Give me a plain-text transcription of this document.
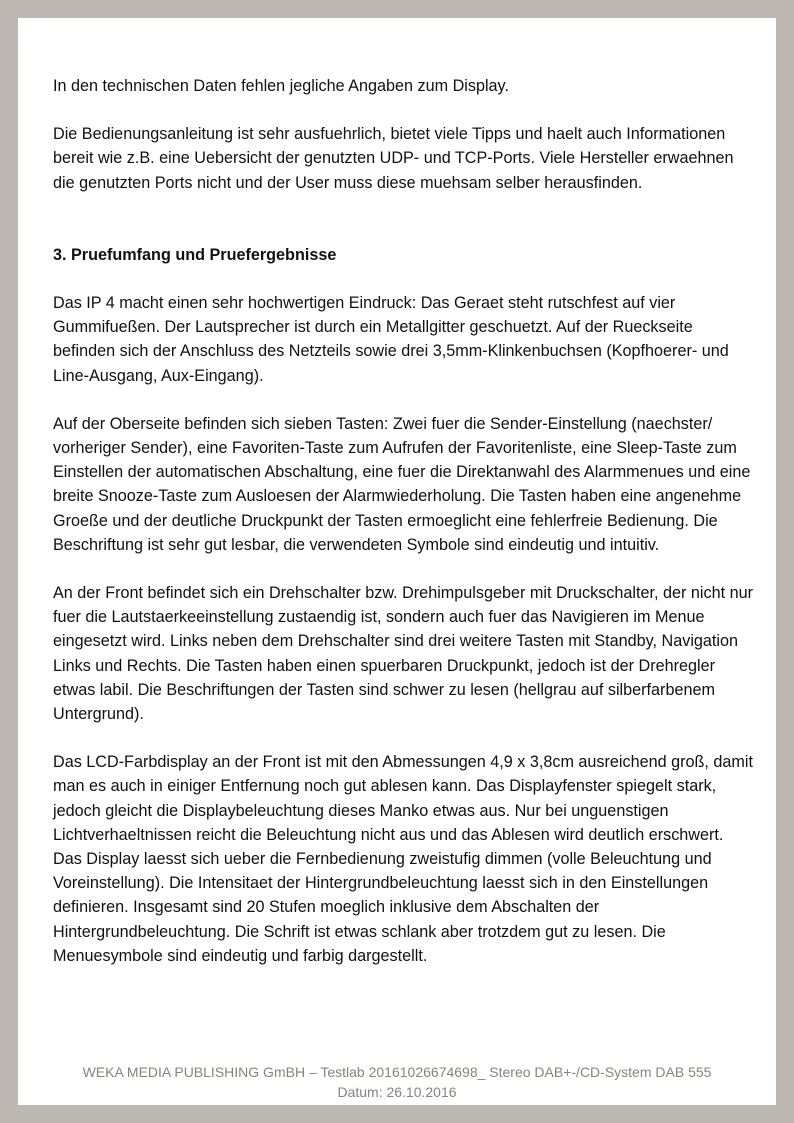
In den technischen Daten fehlen jegliche Angaben zum Display.

Die Bedienungsanleitung ist sehr ausfuehrlich, bietet viele Tipps und haelt auch Informationen bereit wie z.B. eine Uebersicht der genutzten UDP- und TCP-Ports. Viele Hersteller erwaehnen die genutzten Ports nicht und der User muss diese muehsam selber herausfinden.

3. Pruefumfang und Pruefergebnisse

Das IP 4 macht einen sehr hochwertigen Eindruck: Das Geraet steht rutschfest auf vier Gummifueßen. Der Lautsprecher ist durch ein Metallgitter geschuetzt. Auf der Rueckseite befinden sich der Anschluss des Netzteils sowie drei 3,5mm-Klinkenbuchsen (Kopfhoerer- und Line-Ausgang, Aux-Eingang).

Auf der Oberseite befinden sich sieben Tasten: Zwei fuer die Sender-Einstellung (naechster/ vorheriger Sender), eine Favoriten-Taste zum Aufrufen der Favoritenliste, eine Sleep-Taste zum Einstellen der automatischen Abschaltung, eine fuer die Direktanwahl des Alarmmenues und eine breite Snooze-Taste zum Ausloesen der Alarmwiederholung. Die Tasten haben eine angenehme Groeße und der deutliche Druckpunkt der Tasten ermoeglicht eine fehlerfreie Bedienung. Die Beschriftung ist sehr gut lesbar, die verwendeten Symbole sind eindeutig und intuitiv.

An der Front befindet sich ein Drehschalter bzw. Drehimpulsgeber mit Druckschalter, der nicht nur fuer die Lautstaerkeeinstellung zustaendig ist, sondern auch fuer das Navigieren im Menue eingesetzt wird. Links neben dem Drehschalter sind drei weitere Tasten mit Standby, Navigation Links und Rechts. Die Tasten haben einen spuerbaren Druckpunkt, jedoch ist der Drehregler etwas labil. Die Beschriftungen der Tasten sind schwer zu lesen (hellgrau auf silberfarbenem Untergrund).

Das LCD-Farbdisplay an der Front ist mit den Abmessungen 4,9 x 3,8cm ausreichend groß, damit man es auch in einiger Entfernung noch gut ablesen kann. Das Displayfenster spiegelt stark, jedoch gleicht die Displaybeleuchtung dieses Manko etwas aus. Nur bei unguenstigen Lichtverhaeltnissen reicht die Beleuchtung nicht aus und das Ablesen wird deutlich erschwert. Das Display laesst sich ueber die Fernbedienung zweistufig dimmen (volle Beleuchtung und Voreinstellung). Die Intensitaet der Hintergrundbeleuchtung laesst sich in den Einstellungen definieren. Insgesamt sind 20 Stufen moeglich inklusive dem Abschalten der Hintergrundbeleuchtung. Die Schrift ist etwas schlank aber trotzdem gut zu lesen. Die Menuesymbole sind eindeutig und farbig dargestellt.

WEKA MEDIA PUBLISHING GmBH – Testlab 20161026674698_ Stereo DAB+-/CD-System DAB 555
Datum: 26.10.2016
